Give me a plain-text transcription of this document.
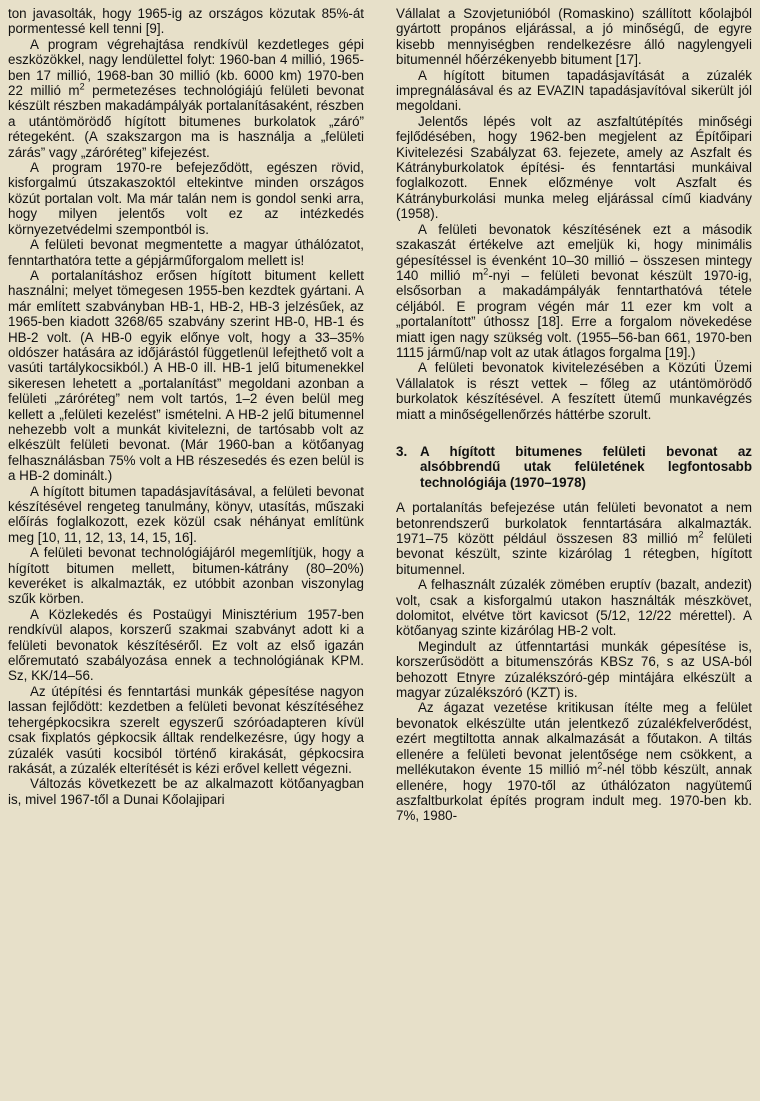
ton javasolták, hogy 1965-ig az országos közutak 85%-át pormentessé kell tenni [9].

A program végrehajtása rendkívül kezdetleges gépi eszközökkel, nagy lendülettel folyt: 1960-ban 4 millió, 1965-ben 17 millió, 1968-ban 30 millió (kb. 6000 km) 1970-ben 22 millió $m^2$ permetezéses technológiájú felületi bevonat készült részben makadámpályák portalanításaként, részben a utántömörödő hígított bitumenes burkolatok „záró” rétegeként. (A szakszargon ma is használja a „felületi zárás” vagy „záróréteg” kifejezést.

A program 1970-re befejeződött, egészen rövid, kisforgalmú útszakaszoktól eltekintve minden országos közút portalan volt. Ma már talán nem is gondol senki arra, hogy milyen jelentős volt ez az intézkedés környezetvédelmi szempontból is.

A felületi bevonat megmentette a magyar úthálózatot, fenntarthatóra tette a gépjárműforgalom mellett is!

A portalanításhoz erősen hígított bitument kellett használni; melyet tömegesen 1955-ben kezdtek gyártani. A már említett szabványban HB-1, HB-2, HB-3 jelzésűek, az 1965-ben kiadott 3268/65 szabvány szerint HB-0, HB-1 és HB-2 volt. (A HB-0 egyik előnye volt, hogy a 33–35% oldószer hatására az időjárástól függetlenül lefejthető volt a vasúti tartálykocsikból.) A HB-0 ill. HB-1 jelű bitumenekkel sikeresen lehetett a „portalanítást” megoldani azonban a felületi „záróréteg” nem volt tartós, 1–2 éven belül meg kellett a „felületi kezelést” ismételni. A HB-2 jelű bitumennel nehezebb volt a munkát kivitelezni, de tartósabb volt az elkészült felületi bevonat. (Már 1960-ban a kötőanyag felhasználásban 75% volt a HB részesedés és ezen belül is a HB-2 dominált.)

A hígított bitumen tapadásjavításával, a felületi bevonat készítésével rengeteg tanulmány, könyv, utasítás, műszaki előírás foglalkozott, ezek közül csak néhányat említünk meg [10, 11, 12, 13, 14, 15, 16].

A felületi bevonat technológiájáról megemlítjük, hogy a hígított bitumen mellett, bitumen-kátrány (80–20%) keveréket is alkalmazták, ez utóbbit azonban viszonylag szűk körben.

A Közlekedés és Postaügyi Minisztérium 1957-ben rendkívül alapos, korszerű szakmai szabványt adott ki a felületi bevonatok készítéséről. Ez volt az első igazán előremutató szabályozása ennek a technológiának KPM. Sz, KK/14–56.

Az útépítési és fenntartási munkák gépesítése nagyon lassan fejlődött: kezdetben a felületi bevonat készítéséhez tehergépkocsikra szerelt egyszerű szóróadapteren kívül csak fixplatós gépkocsik álltak rendelkezésre, úgy hogy a zúzalék vasúti kocsiból történő kirakását, gépkocsira rakását, a zúzalék elterítését is kézi erővel kellett végezni.

Változás következett be az alkalmazott kötőanyagban is, mivel 1967-től a Dunai Kőolajipari

Vállalat a Szovjetunióból (Romaskino) szállított kőolajból gyártott propános eljárással, a jó minőségű, de egyre kisebb mennyiségben rendelkezésre álló nagylengyeli bitumennél hőérzékenyebb bitument [17].

A hígított bitumen tapadásjavítását a zúzalék impregnálásával és az EVAZIN tapadásjavítóval sikerült jól megoldani.

Jelentős lépés volt az aszfaltútépítés minőségi fejlődésében, hogy 1962-ben megjelent az Építőipari Kivitelezési Szabályzat 63. fejezete, amely az Aszfalt és Kátrányburkolatok építési- és fenntartási munkáival foglalkozott. Ennek előzménye volt Aszfalt és Kátrányburkolási munka meleg eljárással című kiadvány (1958).

A felületi bevonatok készítésének ezt a második szakaszát értékelve azt emeljük ki, hogy minimális gépesítéssel is évenként 10–30 millió – összesen mintegy 140 millió $m^2$-nyi – felületi bevonat készült 1970-ig, elsősorban a makadámpályák fenntarthatóvá tétele céljából. E program végén már 11 ezer km volt a „portalanított” úthossz [18]. Erre a forgalom növekedése miatt igen nagy szükség volt. (1955–56-ban 661, 1970-ben 1115 jármű/nap volt az utak átlagos forgalma [19].)

A felületi bevonatok kivitelezésében a Közúti Üzemi Vállalatok is részt vettek – főleg az utántömörödő burkolatok készítésével. A feszített ütemű munkavégzés miatt a minőségellenőrzés háttérbe szorult.

3. A hígított bitumenes felületi bevonat az alsóbbrendű utak felületének legfontosabb technológiája (1970–1978)

A portalanítás befejezése után felületi bevonatot a nem betonrendszerű burkolatok fenntartására alkalmazták. 1971–75 között például összesen 83 millió $m^2$ felületi bevonat készült, szinte kizárólag 1 rétegben, hígított bitumennel.

A felhasznált zúzalék zömében eruptív (bazalt, andezit) volt, csak a kisforgalmú utakon használták mészkövet, dolomitot, elvétve tört kavicsot (5/12, 12/22 mérettel). A kötőanyag szinte kizárólag HB-2 volt.

Megindult az útfenntartási munkák gépesítése is, korszerűsödött a bitumenszórás KBSz 76, s az USA-ból behozott Etnyre zúzalékszóró-gép mintájára elkészült a magyar zúzalékszóró (KZT) is.

Az ágazat vezetése kritikusan ítélte meg a felület bevonatok elkészülte után jelentkező zúzalékfelverődést, ezért megtiltotta annak alkalmazását a főutakon. A tiltás ellenére a felületi bevonat jelentősége nem csökkent, a mellékutakon évente 15 millió $m^2$-nél több készült, annak ellenére, hogy 1970-től az úthálózaton nagyütemű aszfaltburkolat építés program indult meg. 1970-ben kb. 7%, 1980-
